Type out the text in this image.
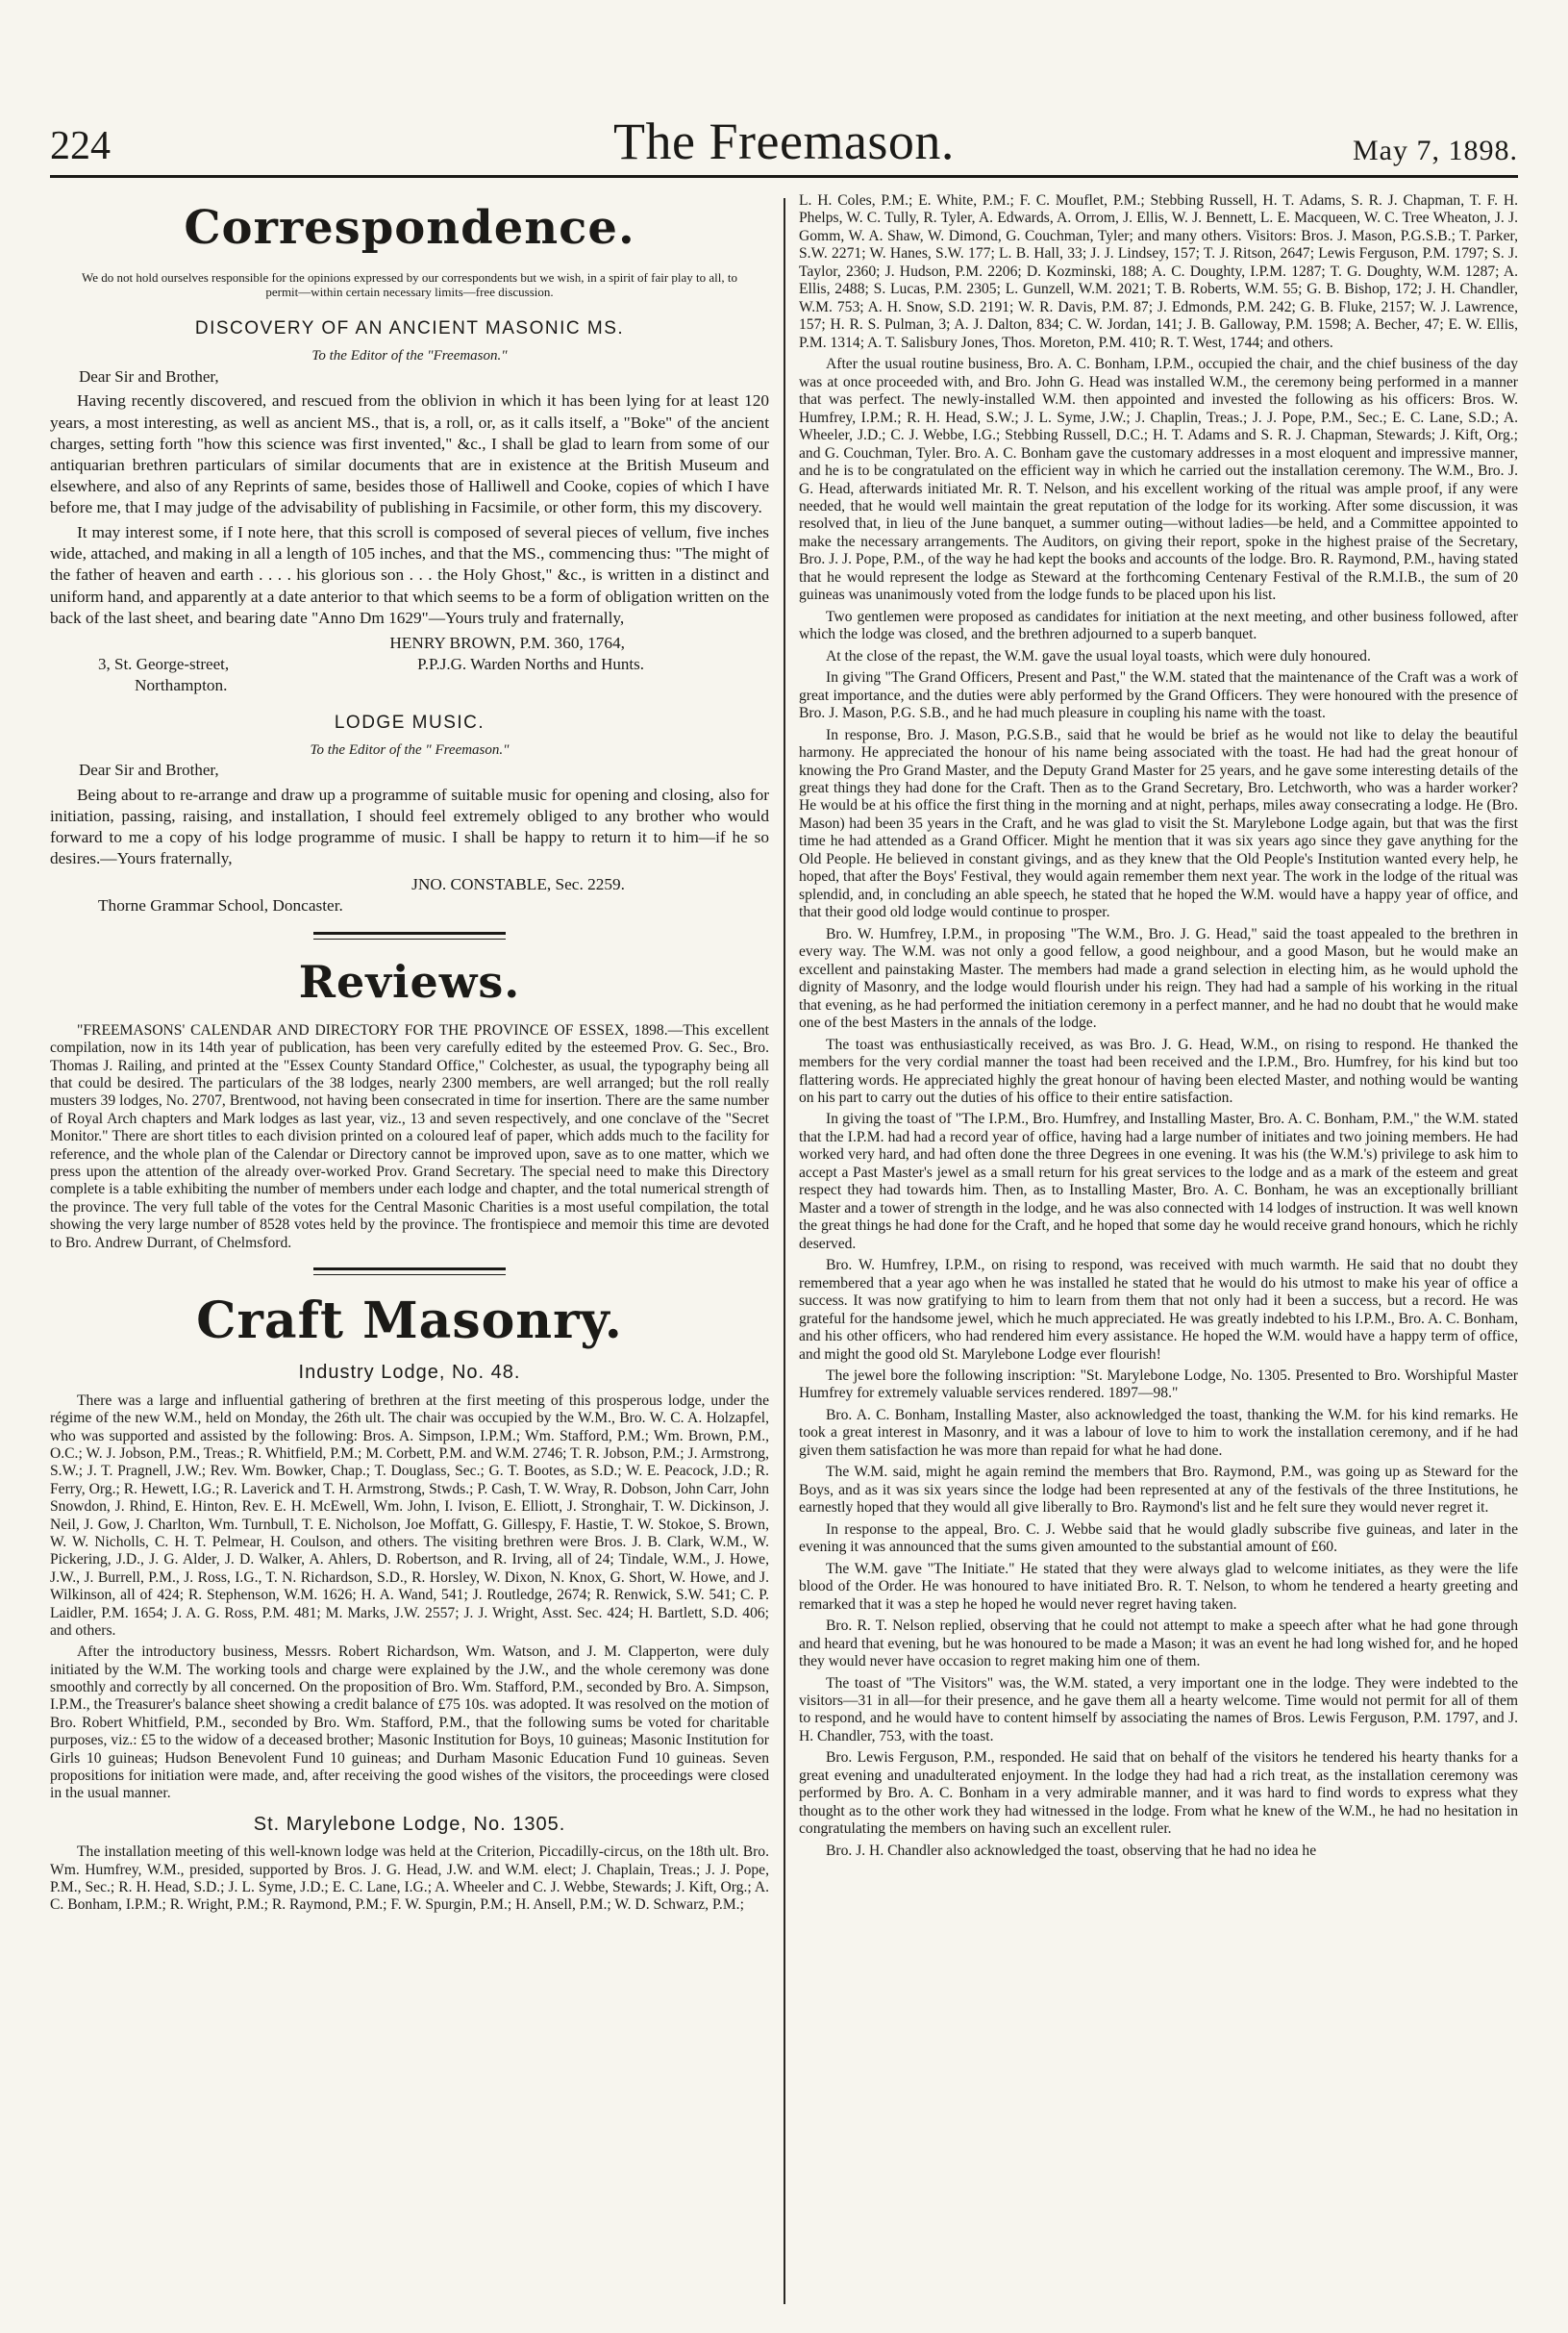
224	The Freemason.	May 7, 1898.
Correspondence.
We do not hold ourselves responsible for the opinions expressed by our correspondents but we wish, in a spirit of fair play to all, to permit—within certain necessary limits—free discussion.
DISCOVERY OF AN ANCIENT MASONIC MS.
To the Editor of the "Freemason."
Dear Sir and Brother,

Having recently discovered, and rescued from the oblivion in which it has been lying for at least 120 years, a most interesting, as well as ancient MS., that is, a roll, or, as it calls itself, a "Boke" of the ancient charges, setting forth "how this science was first invented," &c., I shall be glad to learn from some of our antiquarian brethren particulars of similar documents that are in existence at the British Museum and elsewhere, and also of any Reprints of same, besides those of Halliwell and Cooke, copies of which I have before me, that I may judge of the advisability of publishing in Facsimile, or other form, this my discovery.

It may interest some, if I note here, that this scroll is composed of several pieces of vellum, five inches wide, attached, and making in all a length of 105 inches, and that the MS., commencing thus: "The might of the father of heaven and earth . . . . his glorious son . . . the Holy Ghost," &c., is written in a distinct and uniform hand, and apparently at a date anterior to that which seems to be a form of obligation written on the back of the last sheet, and bearing date "Anno Dm 1629"—Yours truly and fraternally,

HENRY BROWN, P.M. 360, 1764,

3, St. George-street,	P.P.J.G. Warden Norths and Hunts.

Northampton.

LODGE MUSIC.
To the Editor of the " Freemason."
Dear Sir and Brother,

Being about to re-arrange and draw up a programme of suitable music for opening and closing, also for initiation, passing, raising, and installation, I should feel extremely obliged to any brother who would forward to me a copy of his lodge programme of music. I shall be happy to return it to him—if he so desires.—Yours fraternally,

JNO. CONSTABLE, Sec. 2259.

Thorne Grammar School, Doncaster.

Reviews.

"FREEMASONS' CALENDAR AND DIRECTORY FOR THE PROVINCE OF ESSEX, 1898.—This excellent compilation, now in its 14th year of publication, has been very carefully edited by the esteemed Prov. G. Sec., Bro. Thomas J. Railing, and printed at the "Essex County Standard Office," Colchester, as usual, the typography being all that could be desired. The particulars of the 38 lodges, nearly 2300 members, are well arranged; but the roll really musters 39 lodges, No. 2707, Brentwood, not having been consecrated in time for insertion. There are the same number of Royal Arch chapters and Mark lodges as last year, viz., 13 and seven respectively, and one conclave of the "Secret Monitor." There are short titles to each division printed on a coloured leaf of paper, which adds much to the facility for reference, and the whole plan of the Calendar or Directory cannot be improved upon, save as to one matter, which we press upon the attention of the already over-worked Prov. Grand Secretary. The special need to make this Directory complete is a table exhibiting the number of members under each lodge and chapter, and the total numerical strength of the province. The very full table of the votes for the Central Masonic Charities is a most useful compilation, the total showing the very large number of 8528 votes held by the province. The frontispiece and memoir this time are devoted to Bro. Andrew Durrant, of Chelmsford.

Craft Masonry.
Industry Lodge, No. 48.

There was a large and influential gathering of brethren at the first meeting of this prosperous lodge, under the régime of the new W.M., held on Monday, the 26th ult. The chair was occupied by the W.M., Bro. W. C. A. Holzapfel, who was supported and assisted by the following: Bros. A. Simpson, I.P.M.; Wm. Stafford, P.M.; Wm. Brown, P.M., O.C.; W. J. Jobson, P.M., Treas.; R. Whitfield, P.M.; M. Corbett, P.M. and W.M. 2746; T. R. Jobson, P.M.; J. Armstrong, S.W.; J. T. Pragnell, J.W.; Rev. Wm. Bowker, Chap.; T. Douglass, Sec.; G. T. Bootes, as S.D.; W. E. Peacock, J.D.; R. Ferry, Org.; R. Hewett, I.G.; R. Laverick and T. H. Armstrong, Stwds.; P. Cash, T. W. Wray, R. Dobson, John Carr, John Snowdon, J. Rhind, E. Hinton, Rev. E. H. McEwell, Wm. John, I. Ivison, E. Elliott, J. Stronghair, T. W. Dickinson, J. Neil, J. Gow, J. Charlton, Wm. Turnbull, T. E. Nicholson, Joe Moffatt, G. Gillespy, F. Hastie, T. W. Stokoe, S. Brown, W. W. Nicholls, C. H. T. Pelmear, H. Coulson, and others. The visiting brethren were Bros. J. B. Clark, W.M., W. Pickering, J.D., J. G. Alder, J. D. Walker, A. Ahlers, D. Robertson, and R. Irving, all of 24; Tindale, W.M., J. Howe, J.W., J. Burrell, P.M., J. Ross, I.G., T. N. Richardson, S.D., R. Horsley, W. Dixon, N. Knox, G. Short, W. Howe, and J. Wilkinson, all of 424; R. Stephenson, W.M. 1626; H. A. Wand, 541; J. Routledge, 2674; R. Renwick, S.W. 541; C. P. Laidler, P.M. 1654; J. A. G. Ross, P.M. 481; M. Marks, J.W. 2557; J. J. Wright, Asst. Sec. 424; H. Bartlett, S.D. 406; and others.

After the introductory business, Messrs. Robert Richardson, Wm. Watson, and J. M. Clapperton, were duly initiated by the W.M. The working tools and charge were explained by the J.W., and the whole ceremony was done smoothly and correctly by all concerned. On the proposition of Bro. Wm. Stafford, P.M., seconded by Bro. A. Simpson, I.P.M., the Treasurer's balance sheet showing a credit balance of £75 10s. was adopted. It was resolved on the motion of Bro. Robert Whitfield, P.M., seconded by Bro. Wm. Stafford, P.M., that the following sums be voted for charitable purposes, viz.: £5 to the widow of a deceased brother; Masonic Institution for Boys, 10 guineas; Masonic Institution for Girls 10 guineas; Hudson Benevolent Fund 10 guineas; and Durham Masonic Education Fund 10 guineas. Seven propositions for initiation were made, and, after receiving the good wishes of the visitors, the proceedings were closed in the usual manner.

St. Marylebone Lodge, No. 1305.

The installation meeting of this well-known lodge was held at the Criterion, Piccadilly-circus, on the 18th ult. Bro. Wm. Humfrey, W.M., presided, supported by Bros. J. G. Head, J.W. and W.M. elect; J. Chaplain, Treas.; J. J. Pope, P.M., Sec.; R. H. Head, S.D.; J. L. Syme, J.D.; E. C. Lane, I.G.; A. Wheeler and C. J. Webbe, Stewards; J. Kift, Org.; A. C. Bonham, I.P.M.; R. Wright, P.M.; R. Raymond, P.M.; F. W. Spurgin, P.M.; H. Ansell, P.M.; W. D. Schwarz, P.M.;

L. H. Coles, P.M.; E. White, P.M.; F. C. Mouflet, P.M.; Stebbing Russell, H. T. Adams, S. R. J. Chapman, T. F. H. Phelps, W. C. Tully, R. Tyler, A. Edwards, A. Orrom, J. Ellis, W. J. Bennett, L. E. Macqueen, W. C. Tree Wheaton, J. J. Gomm, W. A. Shaw, W. Dimond, G. Couchman, Tyler; and many others. Visitors: Bros. J. Mason, P.G.S.B.; T. Parker, S.W. 2271; W. Hanes, S.W. 177; L. B. Hall, 33; J. J. Lindsey, 157; T. J. Ritson, 2647; Lewis Ferguson, P.M. 1797; S. J. Taylor, 2360; J. Hudson, P.M. 2206; D. Kozminski, 188; A. C. Doughty, I.P.M. 1287; T. G. Doughty, W.M. 1287; A. Ellis, 2488; S. Lucas, P.M. 2305; L. Gunzell, W.M. 2021; T. B. Roberts, W.M. 55; G. B. Bishop, 172; J. H. Chandler, W.M. 753; A. H. Snow, S.D. 2191; W. R. Davis, P.M. 87; J. Edmonds, P.M. 242; G. B. Fluke, 2157; W. J. Lawrence, 157; H. R. S. Pulman, 3; A. J. Dalton, 834; C. W. Jordan, 141; J. B. Galloway, P.M. 1598; A. Becher, 47; E. W. Ellis, P.M. 1314; A. T. Salisbury Jones, Thos. Moreton, P.M. 410; R. T. West, 1744; and others.

After the usual routine business, Bro. A. C. Bonham, I.P.M., occupied the chair, and the chief business of the day was at once proceeded with, and Bro. John G. Head was installed W.M., the ceremony being performed in a manner that was perfect. The newly-installed W.M. then appointed and invested the following as his officers: Bros. W. Humfrey, I.P.M.; R. H. Head, S.W.; J. L. Syme, J.W.; J. Chaplin, Treas.; J. J. Pope, P.M., Sec.; E. C. Lane, S.D.; A. Wheeler, J.D.; C. J. Webbe, I.G.; Stebbing Russell, D.C.; H. T. Adams and S. R. J. Chapman, Stewards; J. Kift, Org.; and G. Couchman, Tyler. Bro. A. C. Bonham gave the customary addresses in a most eloquent and impressive manner, and he is to be congratulated on the efficient way in which he carried out the installation ceremony. The W.M., Bro. J. G. Head, afterwards initiated Mr. R. T. Nelson, and his excellent working of the ritual was ample proof, if any were needed, that he would well maintain the great reputation of the lodge for its working. After some discussion, it was resolved that, in lieu of the June banquet, a summer outing—without ladies—be held, and a Committee appointed to make the necessary arrangements. The Auditors, on giving their report, spoke in the highest praise of the Secretary, Bro. J. J. Pope, P.M., of the way he had kept the books and accounts of the lodge. Bro. R. Raymond, P.M., having stated that he would represent the lodge as Steward at the forthcoming Centenary Festival of the R.M.I.B., the sum of 20 guineas was unanimously voted from the lodge funds to be placed upon his list.

Two gentlemen were proposed as candidates for initiation at the next meeting, and other business followed, after which the lodge was closed, and the brethren adjourned to a superb banquet.

At the close of the repast, the W.M. gave the usual loyal toasts, which were duly honoured.

In giving "The Grand Officers, Present and Past," the W.M. stated that the maintenance of the Craft was a work of great importance, and the duties were ably performed by the Grand Officers. They were honoured with the presence of Bro. J. Mason, P.G. S.B., and he had much pleasure in coupling his name with the toast.

In response, Bro. J. Mason, P.G.S.B., said that he would be brief as he would not like to delay the beautiful harmony. He appreciated the honour of his name being associated with the toast. He had had the great honour of knowing the Pro Grand Master, and the Deputy Grand Master for 25 years, and he gave some interesting details of the great things they had done for the Craft. Then as to the Grand Secretary, Bro. Letchworth, who was a harder worker? He would be at his office the first thing in the morning and at night, perhaps, miles away consecrating a lodge. He (Bro. Mason) had been 35 years in the Craft, and he was glad to visit the St. Marylebone Lodge again, but that was the first time he had attended as a Grand Officer. Might he mention that it was six years ago since they gave anything for the Old People. He believed in constant givings, and as they knew that the Old People's Institution wanted every help, he hoped, that after the Boys' Festival, they would again remember them next year. The work in the lodge of the ritual was splendid, and, in concluding an able speech, he stated that he hoped the W.M. would have a happy year of office, and that their good old lodge would continue to prosper.

Bro. W. Humfrey, I.P.M., in proposing "The W.M., Bro. J. G. Head," said the toast appealed to the brethren in every way. The W.M. was not only a good fellow, a good neighbour, and a good Mason, but he would make an excellent and painstaking Master. The members had made a grand selection in electing him, as he would uphold the dignity of Masonry, and the lodge would flourish under his reign. They had had a sample of his working in the ritual that evening, as he had performed the initiation ceremony in a perfect manner, and he had no doubt that he would make one of the best Masters in the annals of the lodge.

The toast was enthusiastically received, as was Bro. J. G. Head, W.M., on rising to respond. He thanked the members for the very cordial manner the toast had been received and the I.P.M., Bro. Humfrey, for his kind but too flattering words. He appreciated highly the great honour of having been elected Master, and nothing would be wanting on his part to carry out the duties of his office to their entire satisfaction.

In giving the toast of "The I.P.M., Bro. Humfrey, and Installing Master, Bro. A. C. Bonham, P.M.," the W.M. stated that the I.P.M. had had a record year of office, having had a large number of initiates and two joining members. He had worked very hard, and had often done the three Degrees in one evening. It was his (the W.M.'s) privilege to ask him to accept a Past Master's jewel as a small return for his great services to the lodge and as a mark of the esteem and great respect they had towards him. Then, as to Installing Master, Bro. A. C. Bonham, he was an exceptionally brilliant Master and a tower of strength in the lodge, and he was also connected with 14 lodges of instruction. It was well known the great things he had done for the Craft, and he hoped that some day he would receive grand honours, which he richly deserved.

Bro. W. Humfrey, I.P.M., on rising to respond, was received with much warmth. He said that no doubt they remembered that a year ago when he was installed he stated that he would do his utmost to make his year of office a success. It was now gratifying to him to learn from them that not only had it been a success, but a record. He was grateful for the handsome jewel, which he much appreciated. He was greatly indebted to his I.P.M., Bro. A. C. Bonham, and his other officers, who had rendered him every assistance. He hoped the W.M. would have a happy term of office, and might the good old St. Marylebone Lodge ever flourish!

The jewel bore the following inscription: "St. Marylebone Lodge, No. 1305. Presented to Bro. Worshipful Master Humfrey for extremely valuable services rendered. 1897—98."

Bro. A. C. Bonham, Installing Master, also acknowledged the toast, thanking the W.M. for his kind remarks. He took a great interest in Masonry, and it was a labour of love to him to work the installation ceremony, and if he had given them satisfaction he was more than repaid for what he had done.

The W.M. said, might he again remind the members that Bro. Raymond, P.M., was going up as Steward for the Boys, and as it was six years since the lodge had been represented at any of the festivals of the three Institutions, he earnestly hoped that they would all give liberally to Bro. Raymond's list and he felt sure they would never regret it.

In response to the appeal, Bro. C. J. Webbe said that he would gladly subscribe five guineas, and later in the evening it was announced that the sums given amounted to the substantial amount of £60.

The W.M. gave "The Initiate." He stated that they were always glad to welcome initiates, as they were the life blood of the Order. He was honoured to have initiated Bro. R. T. Nelson, to whom he tendered a hearty greeting and remarked that it was a step he hoped he would never regret having taken.

Bro. R. T. Nelson replied, observing that he could not attempt to make a speech after what he had gone through and heard that evening, but he was honoured to be made a Mason; it was an event he had long wished for, and he hoped they would never have occasion to regret making him one of them.

The toast of "The Visitors" was, the W.M. stated, a very important one in the lodge. They were indebted to the visitors—31 in all—for their presence, and he gave them all a hearty welcome. Time would not permit for all of them to respond, and he would have to content himself by associating the names of Bros. Lewis Ferguson, P.M. 1797, and J. H. Chandler, 753, with the toast.

Bro. Lewis Ferguson, P.M., responded. He said that on behalf of the visitors he tendered his hearty thanks for a great evening and unadulterated enjoyment. In the lodge they had had a rich treat, as the installation ceremony was performed by Bro. A. C. Bonham in a very admirable manner, and it was hard to find words to express what they thought as to the other work they had witnessed in the lodge. From what he knew of the W.M., he had no hesitation in congratulating the members on having such an excellent ruler.

Bro. J. H. Chandler also acknowledged the toast, observing that he had no idea he
